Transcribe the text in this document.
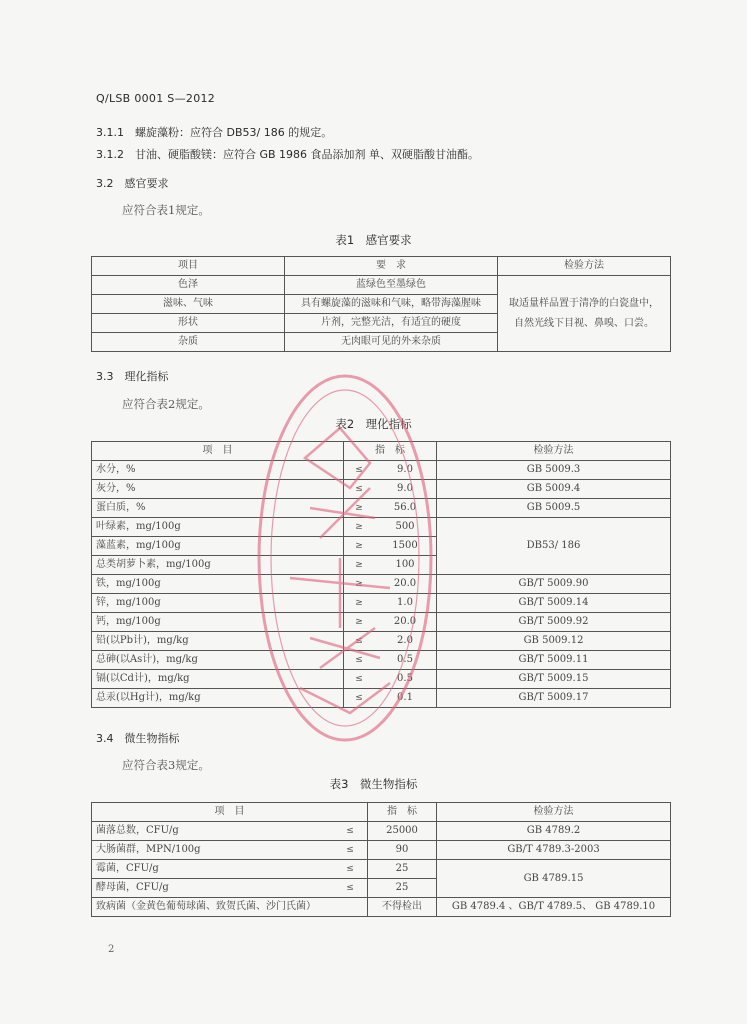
Q/LSB 0001 S—2012
3.1.1　螺旋藻粉：应符合 DB53/ 186 的规定。
3.1.2　甘油、硬脂酸镁：应符合 GB 1986 食品添加剂 单、双硬脂酸甘油酯。
3.2　感官要求
应符合表1规定。
表1　感官要求
项目	要　求	检验方法
色泽	蓝绿色至墨绿色	取适量样品置于清净的白瓷盘中，
自然光线下目视、鼻嗅、口尝。
滋味、气味	具有螺旋藻的滋味和气味，略带海藻腥味	
形状	片剂，完整光洁，有适宜的硬度	
杂质	无肉眼可见的外来杂质	
3.3　理化指标
应符合表2规定。
表2　理化指标
项　目	指　标	检验方法
水分，%	≤ 9.0	GB 5009.3
灰分，%	≤ 9.0	GB 5009.4
蛋白质，%	≥ 56.0	GB 5009.5
叶绿素，mg/100g	≥ 500	DB53/ 186
藻蓝素，mg/100g	≥ 1500	

总类胡萝卜素，mg/100g	≥ 100	

铁，mg/100g	≥ 20.0	GB/T 5009.90
锌，mg/100g	≥ 1.0	GB/T 5009.14
钙，mg/100g	≥ 20.0	GB/T 5009.92
铅(以Pb计)，mg/kg	≤ 2.0	GB 5009.12
总砷(以As计)，mg/kg	≤ 0.5	GB/T 5009.11
镉(以Cd计)，mg/kg	≤ 0.5	GB/T 5009.15
总汞(以Hg计)，mg/kg	≤ 0.1	GB/T 5009.17
3.4　微生物指标
应符合表3规定。
表3　微生物指标
项　目	指　标	检验方法

菌落总数，CFU/g ≤	25000	GB 4789.2

大肠菌群，MPN/100g ≤	90	GB/T 4789.3-2003

霉菌，CFU/g ≤	25	GB 4789.15

酵母菌，CFU/g ≤	25	

致病菌（金黄色葡萄球菌、致贺氏菌、沙门氏菌）	不得检出	GB 4789.4 、GB/T 4789.5、 GB 4789.10
2
